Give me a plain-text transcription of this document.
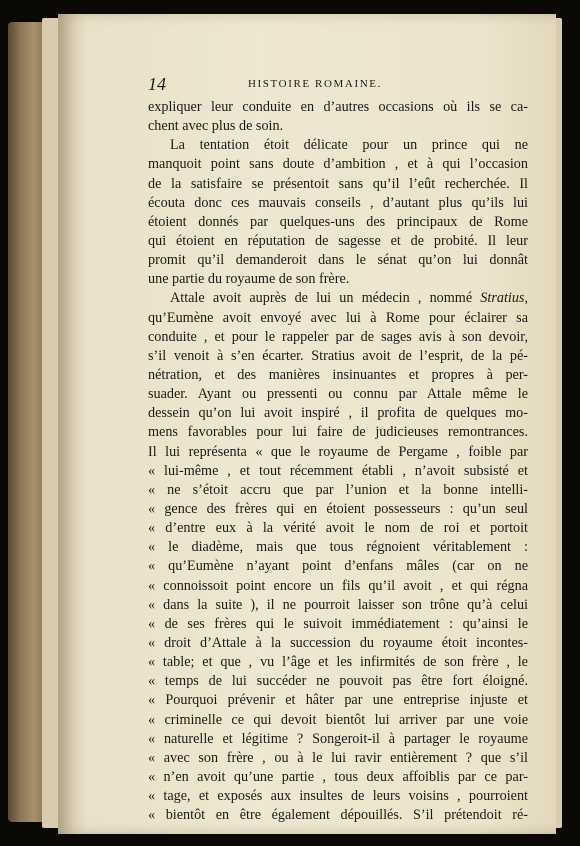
14	HISTOIRE ROMAINE.
expliquer leur conduite en d’autres occasions où ils se ca-
chent avec plus de soin.
La tentation étoit délicate pour un prince qui ne
manquoit point sans doute d’ambition , et à qui l’occasion
de la satisfaire se présentoit sans qu’il l’eût recherchée. Il
écouta donc ces mauvais conseils , d’autant plus qu’ils lui
étoient donnés par quelques-uns des principaux de Rome
qui étoient en réputation de sagesse et de probité. Il leur
promit qu’il demanderoit dans le sénat qu’on lui donnât
une partie du royaume de son frère.
Attale avoit auprès de lui un médecin , nommé Stratius,
qu’Eumène avoit envoyé avec lui à Rome pour éclairer sa
conduite , et pour le rappeler par de sages avis à son devoir,
s’il venoit à s’en écarter. Stratius avoit de l’esprit, de la pé-
nétration, et des manières insinuantes et propres à per-
suader. Ayant ou pressenti ou connu par Attale même le
dessein qu’on lui avoit inspiré , il profita de quelques mo-
mens favorables pour lui faire de judicieuses remontrances.
Il lui représenta « que le royaume de Pergame , foible par
« lui-même , et tout récemment établi , n’avoit subsisté et
« ne s’étoit accru que par l’union et la bonne intelli-
« gence des frères qui en étoient possesseurs : qu’un seul
« d’entre eux à la vérité avoit le nom de roi et portoit
« le diadème, mais que tous régnoient véritablement :
« qu’Eumène n’ayant point d’enfans mâles (car on ne
« connoissoit point encore un fils qu’il avoit , et qui régna
« dans la suite ), il ne pourroit laisser son trône qu’à celui
« de ses frères qui le suivoit immédiatement : qu’ainsi le
« droit d’Attale à la succession du royaume étoit incontes-
« table; et que , vu l’âge et les infirmités de son frère , le
« temps de lui succéder ne pouvoit pas être fort éloigné.
« Pourquoi prévenir et hâter par une entreprise injuste et
« criminelle ce qui devoit bientôt lui arriver par une voie
« naturelle et légitime ? Songeroit-il à partager le royaume
« avec son frère , ou à le lui ravir entièrement ? que s’il
« n’en avoit qu’une partie , tous deux affoiblis par ce par-
« tage, et exposés aux insultes de leurs voisins , pourroient
« bientôt en être également dépouillés. S’il prétendoit ré-
